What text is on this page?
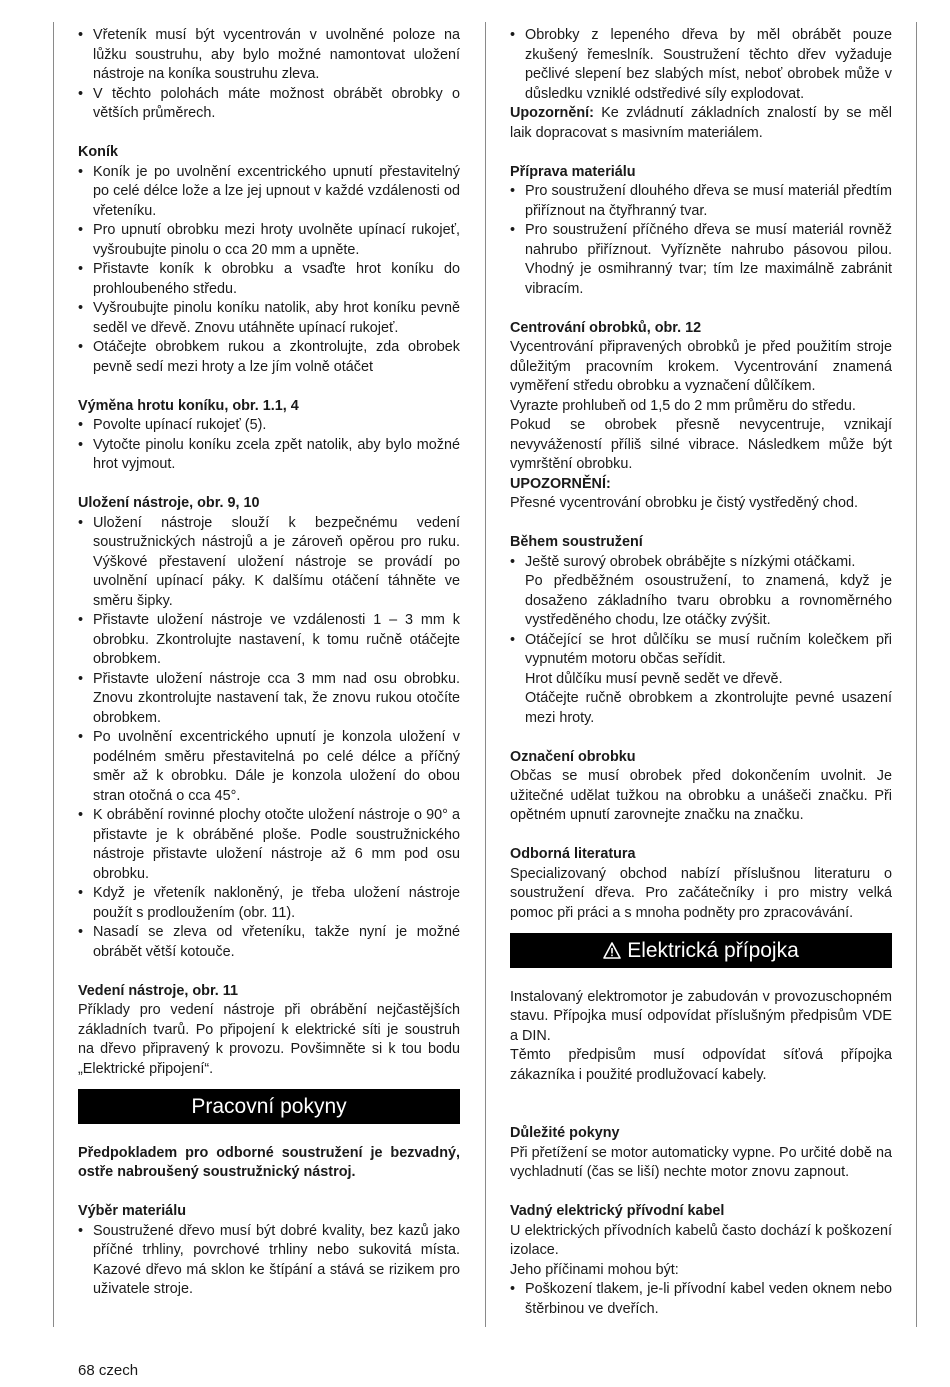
• Vřeteník musí být vycentrován v uvolněné poloze na lůžku soustruhu, aby bylo možné namontovat uložení nástroje na koníka soustruhu zleva.
• V těchto polohách máte možnost obrábět obrobky o větších průměrech.
Koník
• Koník je po uvolnění excentrického upnutí přestavitelný po celé délce lože a lze jej upnout v každé vzdálenosti od vřeteníku.
• Pro upnutí obrobku mezi hroty uvolněte upínací rukojeť, vyšroubujte pinolu o cca 20 mm a upněte.
• Přistavte koník k obrobku a vsaďte hrot koníku do prohloubeného středu.
• Vyšroubujte pinolu koníku natolik, aby hrot koníku pevně seděl ve dřevě. Znovu utáhněte upínací rukojeť.
• Otáčejte obrobkem rukou a zkontrolujte, zda obrobek pevně sedí mezi hroty a lze jím volně otáčet
Výměna hrotu koníku, obr. 1.1, 4
• Povolte upínací rukojeť (5).
• Vytočte pinolu koníku zcela zpět natolik, aby bylo možné hrot vyjmout.
Uložení nástroje, obr. 9, 10
• Uložení nástroje slouží k bezpečnému vedení soustružnických nástrojů a je zároveň opěrou pro ruku. Výškové přestavení uložení nástroje se provádí po uvolnění upínací páky. K dalšímu otáčení táhněte ve směru šipky.
• Přistavte uložení nástroje ve vzdálenosti 1 – 3 mm k obrobku. Zkontrolujte nastavení, k tomu ručně otáčejte obrobkem.
• Přistavte uložení nástroje cca 3 mm nad osu obrobku. Znovu zkontrolujte nastavení tak, že znovu rukou otočíte obrobkem.
• Po uvolnění excentrického upnutí je konzola uložení v podélném směru přestavitelná po celé délce a příčný směr až k obrobku. Dále je konzola uložení do obou stran otočná o cca 45°.
• K obrábění rovinné plochy otočte uložení nástroje o 90° a přistavte je k obráběné ploše. Podle soustružnického nástroje přistavte uložení nástroje až 6 mm pod osu obrobku.
• Když je vřeteník nakloněný, je třeba uložení nástroje použít s prodloužením (obr. 11).
• Nasadí se zleva od vřeteníku, takže nyní je možné obrábět větší kotouče.
Vedení nástroje, obr. 11

Příklady pro vedení nástroje při obrábění nejčastějších základních tvarů. Po připojení k elektrické síti je soustruh na dřevo připravený k provozu. Povšimněte si k tou bodu „Elektrické připojení“.

Pracovní pokyny

Předpokladem pro odborné soustružení je bezvadný, ostře nabroušený soustružnický nástroj.

Výběr materiálu
• Soustružené dřevo musí být dobré kvality, bez kazů jako příčné trhliny, povrchové trhliny nebo sukovitá místa. Kazové dřevo má sklon ke štípání a stává se rizikem pro uživatele stroje.
• Obrobky z lepeného dřeva by měl obrábět pouze zkušený řemeslník. Soustružení těchto dřev vyžaduje pečlivé slepení bez slabých míst, neboť obrobek může v důsledku vzniklé odstředivé síly explodovat.

Upozornění: Ke zvládnutí základních znalostí by se měl laik dopracovat s masivním materiálem.

Příprava materiálu
• Pro soustružení dlouhého dřeva se musí materiál předtím přiříznout na čtyřhranný tvar.
• Pro soustružení příčného dřeva se musí materiál rovněž nahrubo přiříznout. Vyřízněte nahrubo pásovou pilou. Vhodný je osmihranný tvar; tím lze maximálně zabránit vibracím.
Centrování obrobků, obr. 12

Vycentrování připravených obrobků je před použitím stroje důležitým pracovním krokem. Vycentrování znamená vyměření středu obrobku a vyznačení důlčíkem.

Vyrazte prohlubeň od 1,5 do 2 mm průměru do středu.

Pokud se obrobek přesně nevycentruje, vznikají nevyvážeností příliš silné vibrace. Následkem může být vymrštění obrobku.

UPOZORNĚNÍ:

Přesné vycentrování obrobku je čistý vystředěný chod.

Během soustružení
• Ještě surový obrobek obrábějte s nízkými otáčkami.
Po předběžném osoustružení, to znamená, když je dosaženo základního tvaru obrobku a rovnoměrného vystředěného chodu, lze otáčky zvýšit.
• Otáčející se hrot důlčíku se musí ručním kolečkem při vypnutém motoru občas seřídit.
Hrot důlčíku musí pevně sedět ve dřevě.
Otáčejte ručně obrobkem a zkontrolujte pevné usazení mezi hroty.
Označení obrobku

Občas se musí obrobek před dokončením uvolnit. Je užitečné udělat tužkou na obrobku a unášeči značku. Při opětném upnutí zarovnejte značku na značku.

Odborná literatura

Specializovaný obchod nabízí příslušnou literaturu o soustružení dřeva. Pro začátečníky i pro mistry velká pomoc při práci a s mnoha podněty pro zpracovávání.

Elektrická přípojka

Instalovaný elektromotor je zabudován v provozuschopném stavu. Přípojka musí odpovídat příslušným předpisům VDE a DIN.

Těmto předpisům musí odpovídat síťová přípojka zákazníka i použité prodlužovací kabely.

Důležité pokyny

Při přetížení se motor automaticky vypne. Po určité době na vychladnutí (čas se liší) nechte motor znovu zapnout.

Vadný elektrický přívodní kabel

U elektrických přívodních kabelů často dochází k poškození izolace.

Jeho příčinami mohou být:

• Poškození tlakem, je-li přívodní kabel veden oknem nebo štěrbinou ve dveřích.
68 czech
